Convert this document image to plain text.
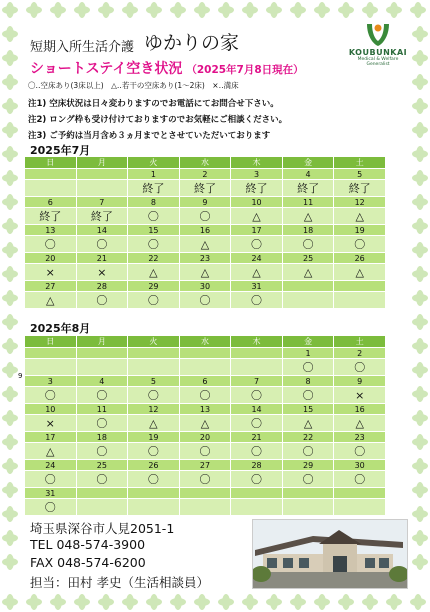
短期入所生活介護 ゆかりの家	KOUBUNKAI
Medical & Welfare Generalist
ショートステイ空き状況 （2025年7月8日現在）
〇‥空床あり(3床以上)　△‥若干の空床あり(1〜2床)　×‥満床
注1) 空床状況は日々変わりますのでお電話にてお問合せ下さい。
注2) ロング枠も受け付けておりますのでお気軽にご相談ください。
注3) ご予約は当月含め３ヵ月までとさせていただいております
2025年7月
日	月	火	水	木	金	土
		1	2	3	4	5
		終了	終了	終了	終了	終了
6	7	8	9	10	11	12
終了	終了	〇	〇	△	△	△
13	14	15	16	17	18	19
〇	〇	〇	△	〇	〇	〇
20	21	22	23	24	25	26
×	×	△	△	△	△	△
27	28	29	30	31		
△	〇	〇	〇	〇		
2025年8月
日	月	火	水	木	金	土
					1	2
					〇	〇
3	4	5	6	7	8	9
〇	〇	〇	〇	〇	〇	×
10	11	12	13	14	15	16
×	〇	△	△	〇	△	△
17	18	19	20	21	22	23
△	〇	〇	〇	〇	〇	〇
24	25	26	27	28	29	30
〇	〇	〇	〇	〇	〇	〇
31						
〇						
9
埼玉県深谷市人見2051-1
TEL 048-574-3900
FAX 048-574-6200
担当：田村 孝史（生活相談員）
